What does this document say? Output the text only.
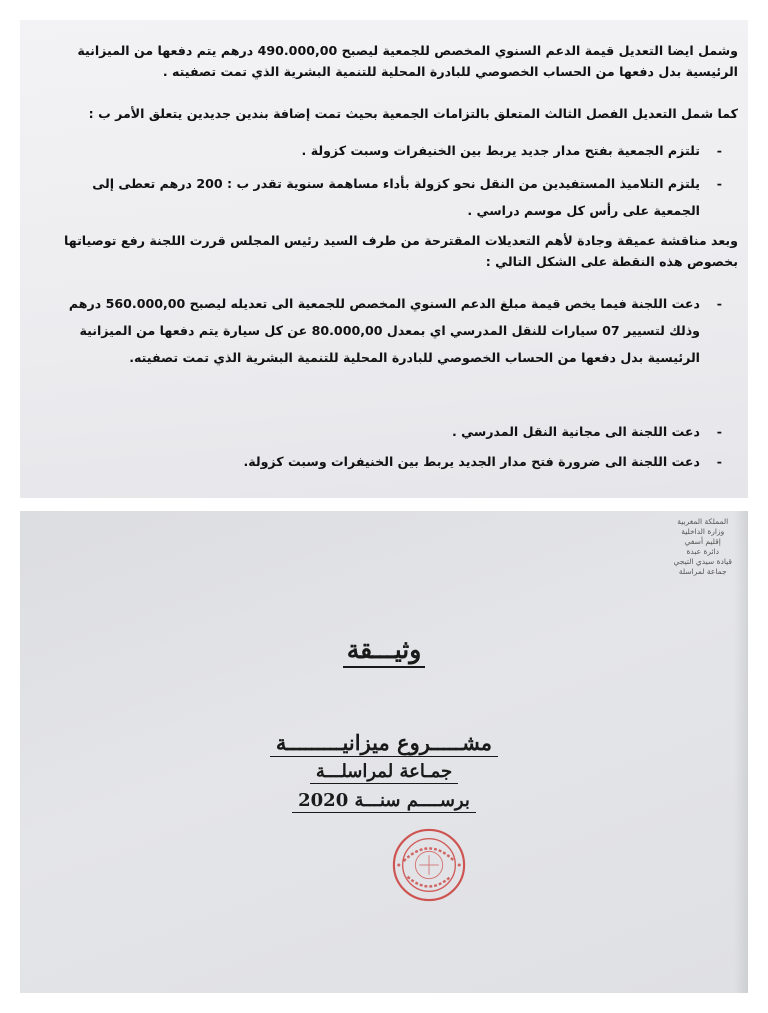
وشمل ايضا التعديل قيمة الدعم السنوي المخصص للجمعية ليصبح 490.000,00 درهم يتم دفعها من الميزانية الرئيسية بدل دفعها من الحساب الخصوصي للبادرة المحلية للتنمية البشرية الذي تمت تصفيته .

كما شمل التعديل الفصل الثالث المتعلق بالتزامات الجمعية بحيث تمت إضافة بندين جديدين يتعلق الأمر ب :

-
تلتزم الجمعية بفتح مدار جديد يربط بين الخنيفرات وسبت كزولة .
-
يلتزم التلاميذ المستفيدين من النقل نحو كزولة بأداء مساهمة سنوية تقدر ب : 200 درهم تعطى إلى الجمعية على رأس كل موسم دراسي .

وبعد مناقشة عميقة وجادة لأهم التعديلات المقترحة من طرف السيد رئيس المجلس قررت اللجنة رفع توصياتها بخصوص هذه النقطة على الشكل التالي :

-
دعت اللجنة فيما يخص قيمة مبلغ الدعم السنوي المخصص للجمعية الى تعديله ليصبح 560.000,00 درهم وذلك لتسيير 07 سيارات للنقل المدرسي اي بمعدل 80.000,00 عن كل سيارة يتم دفعها من الميزانية الرئيسية بدل دفعها من الحساب الخصوصي للبادرة المحلية للتنمية البشرية الذي تمت تصفيته.
-
دعت اللجنة الى مجانية النقل المدرسي .
-
دعت اللجنة الى ضرورة فتح مدار الجديد يربط بين الخنيفرات وسبت كزولة.
المملكة المغربية
وزارة الداخلية
إقليم أسفي
دائرة عبدة
قيادة سيدي التيجي
جماعة لمراسلة
وثيـــقة
مشـــــروع ميزانيـــــــــة
جمـاعة لمراسلـــة
برســــم سنـــة 2020
